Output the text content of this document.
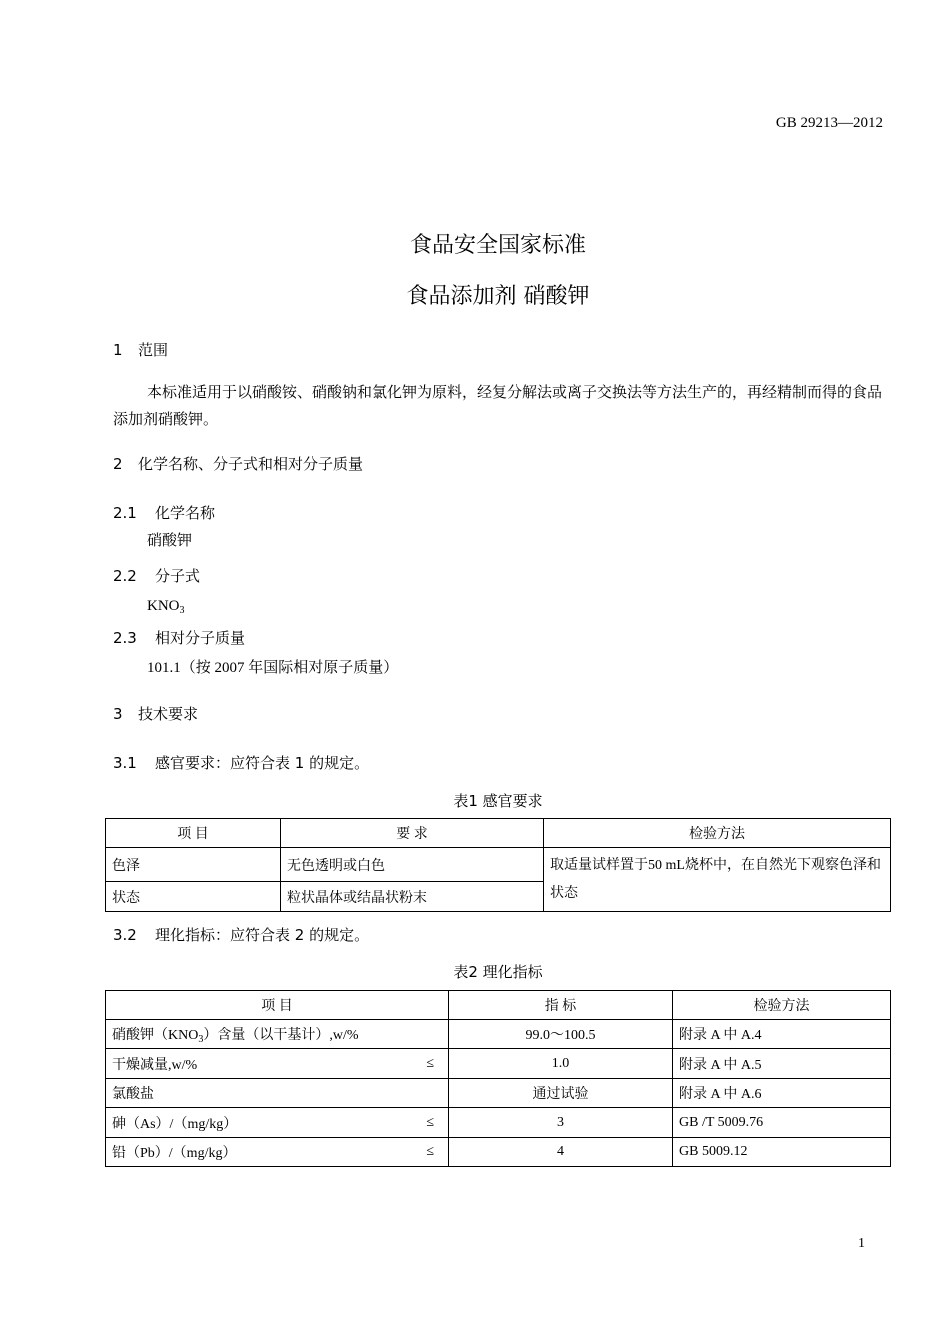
GB 29213—2012
食品安全国家标准
食品添加剂 硝酸钾
1 范围
本标准适用于以硝酸铵、硝酸钠和氯化钾为原料，经复分解法或离子交换法等方法生产的，再经精制而得的食品添加剂硝酸钾。
2 化学名称、分子式和相对分子质量
2.1 化学名称
硝酸钾
2.2 分子式
$KNO_3$
2.3 相对分子质量
101.1（按 2007 年国际相对原子质量）
3 技术要求
3.1 感官要求：应符合表 1 的规定。
表1 感官要求
项 目	要 求	检验方法
色泽	无色透明或白色	取适量试样置于50 mL烧杯中，在自然光下观察色泽和状态
状态	粒状晶体或结晶状粉末	
3.2 理化指标：应符合表 2 的规定。
表2 理化指标
项 目	指 标	检验方法
硝酸钾$(KNO_3)$含量（以干基计）,w/%	99.0～100.5	附录 A 中 A.4

干燥减量,w/% ≤	1.0	附录 A 中 A.5

氯酸盐	通过试验	附录 A 中 A.6

砷（As）/（mg/kg） ≤	3	GB /T 5009.76

铅（Pb）/（mg/kg） ≤	4	GB 5009.12
1
